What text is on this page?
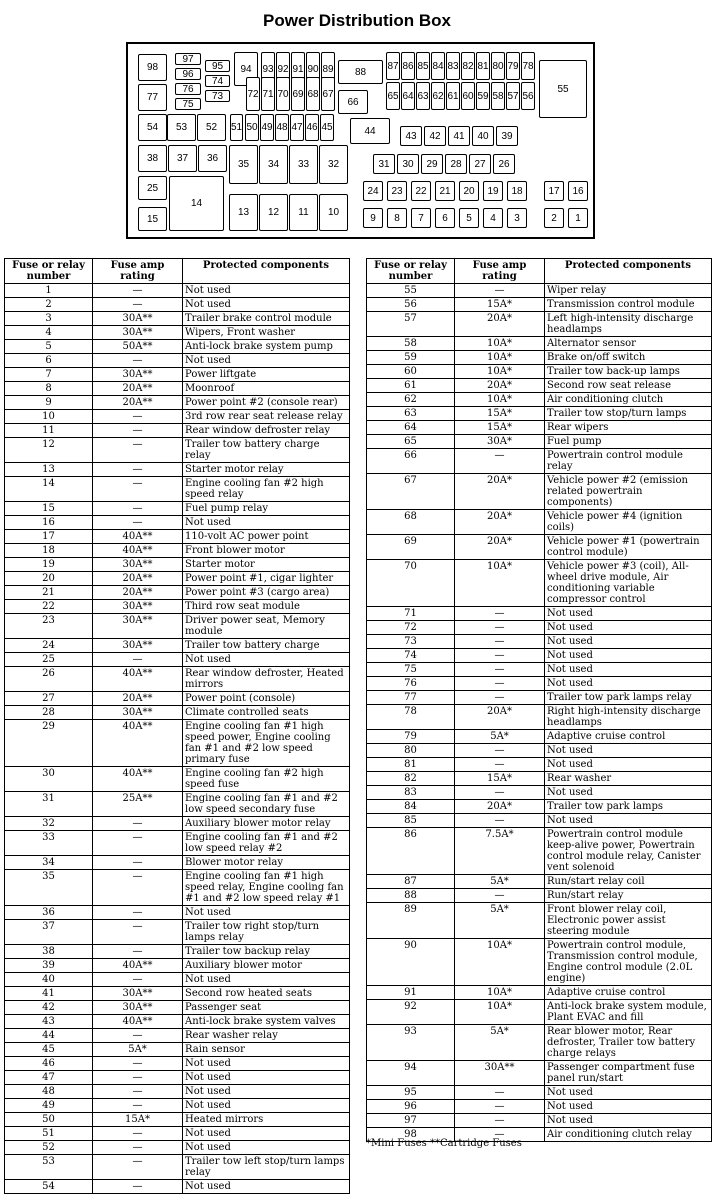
Power Distribution Box
98
97
96
95
74
73
77
76
75
94	93 92 91 90 89
72 71 70 69 68 67
88
66
87 86 85 84 83 82 81 80 79 78
65 64 63 62 61 60 59 58 57 56
55
54	53	52	51 50 49 48 47 46 45	44	43	42	41	40	39
38	37	36
35	34	33	32	31	30	29	28	27	26
25	24	23	22	21	20	19	18	17	16
14
13	12	11	10	9	8	7	6	5	4	3	2	1
15
Fuse or relay number	Fuse amp rating	Protected components
1	—	Not used
2	—	Not used
3	30A**	Trailer brake control module
4	30A**	Wipers, Front washer
5	50A**	Anti-lock brake system pump
6	—	Not used
7	30A**	Power liftgate
8	20A**	Moonroof
9	20A**	Power point #2 (console rear)
10	—	3rd row rear seat release relay
11	—	Rear window defroster relay
12	—	Trailer tow battery charge relay
13	—	Starter motor relay
14	—	Engine cooling fan #2 high speed relay
15	—	Fuel pump relay
16	—	Not used
17	40A**	110-volt AC power point
18	40A**	Front blower motor
19	30A**	Starter motor
20	20A**	Power point #1, cigar lighter
21	20A**	Power point #3 (cargo area)
22	30A**	Third row seat module
23	30A**	Driver power seat, Memory module
24	30A**	Trailer tow battery charge
25	—	Not used
26	40A**	Rear window defroster, Heated mirrors
27	20A**	Power point (console)
28	30A**	Climate controlled seats
29	40A**	Engine cooling fan #1 high speed power, Engine cooling fan #1 and #2 low speed primary fuse
30	40A**	Engine cooling fan #2 high speed fuse
31	25A**	Engine cooling fan #1 and #2 low speed secondary fuse
32	—	Auxiliary blower motor relay
33	—	Engine cooling fan #1 and #2 low speed relay #2
34	—	Blower motor relay
35	—	Engine cooling fan #1 high speed relay, Engine cooling fan #1 and #2 low speed relay #1
36	—	Not used
37	—	Trailer tow right stop/turn lamps relay
38	—	Trailer tow backup relay
39	40A**	Auxiliary blower motor
40	—	Not used
41	30A**	Second row heated seats
42	30A**	Passenger seat
43	40A**	Anti-lock brake system valves
44	—	Rear washer relay
45	5A*	Rain sensor
46	—	Not used
47	—	Not used
48	—	Not used
49	—	Not used
50	15A*	Heated mirrors
51	—	Not used
52	—	Not used
53	—	Trailer tow left stop/turn lamps relay
54	—	Not used
Fuse or relay number	Fuse amp rating	Protected components
55	—	Wiper relay
56	15A*	Transmission control module
57	20A*	Left high-intensity discharge headlamps
58	10A*	Alternator sensor
59	10A*	Brake on/off switch
60	10A*	Trailer tow back-up lamps
61	20A*	Second row seat release
62	10A*	Air conditioning clutch
63	15A*	Trailer tow stop/turn lamps
64	15A*	Rear wipers
65	30A*	Fuel pump
66	—	Powertrain control module relay
67	20A*	Vehicle power #2 (emission related powertrain components)
68	20A*	Vehicle power #4 (ignition coils)
69	20A*	Vehicle power #1 (powertrain control module)
70	10A*	Vehicle power #3 (coil), All-wheel drive module, Air conditioning variable compressor control
71	—	Not used
72	—	Not used
73	—	Not used
74	—	Not used
75	—	Not used
76	—	Not used
77	—	Trailer tow park lamps relay
78	20A*	Right high-intensity discharge headlamps
79	5A*	Adaptive cruise control
80	—	Not used
81	—	Not used
82	15A*	Rear washer
83	—	Not used
84	20A*	Trailer tow park lamps
85	—	Not used
86	7.5A*	Powertrain control module keep-alive power, Powertrain control module relay, Canister vent solenoid
87	5A*	Run/start relay coil
88	—	Run/start relay
89	5A*	Front blower relay coil, Electronic power assist steering module
90	10A*	Powertrain control module, Transmission control module, Engine control module (2.0L engine)
91	10A*	Adaptive cruise control
92	10A*	Anti-lock brake system module, Plant EVAC and fill
93	5A*	Rear blower motor, Rear defroster, Trailer tow battery charge relays
94	30A**	Passenger compartment fuse panel run/start
95	—	Not used
96	—	Not used
97	—	Not used
98	—	Air conditioning clutch relay
*Mini Fuses **Cartridge Fuses
